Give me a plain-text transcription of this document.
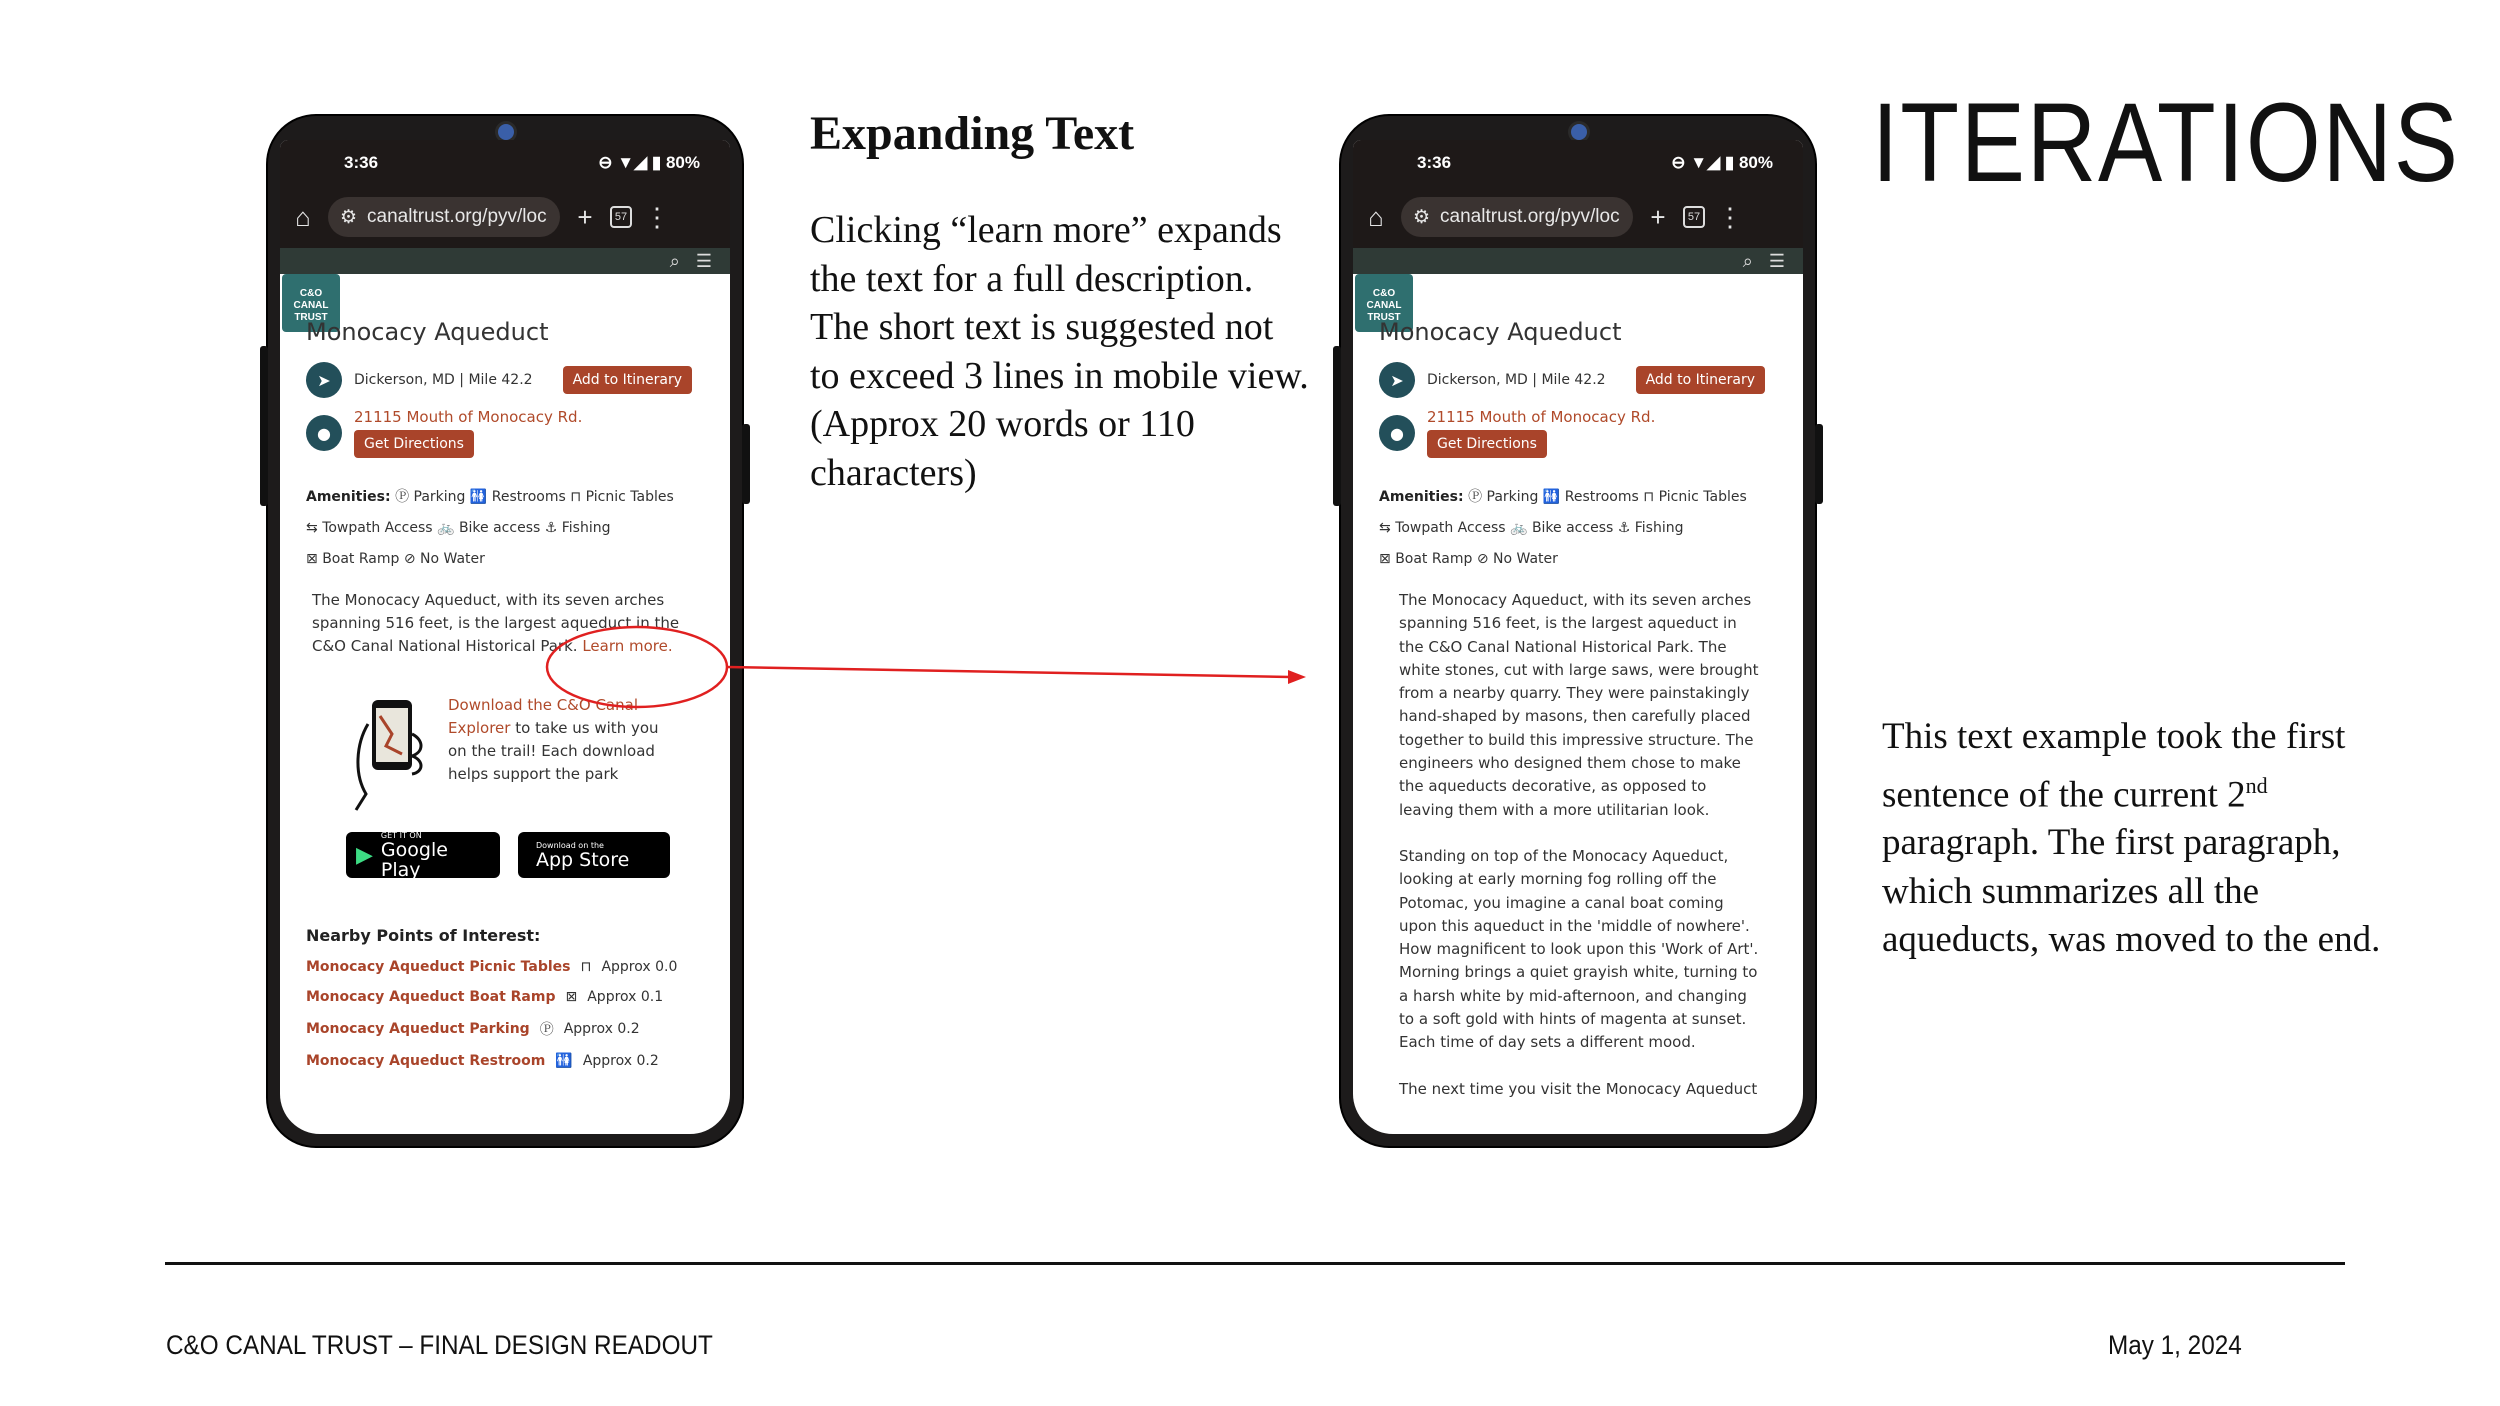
ITERATIONS
Expanding Text
Clicking “learn more” expands the text for a full description. The short text is suggested not to exceed 3 lines in mobile view. (Approx 20 words or 110 characters)
This text example took the first sentence of the current 2nd paragraph. The first paragraph, which summarizes all the aqueducts, was moved to the end.
C&O CANAL TRUST – FINAL DESIGN READOUT	May 1, 2024
3:36	⊖ ▼◢ ▮ 80%
⌂ ⚙ canaltrust.org/pyv/loc +	57 ⋮
⌕ ☰
C&O CANAL TRUST
Monocacy Aqueduct
➤	Dickerson, MD | Mile 42.2	Add to Itinerary
●
21115 Mouth of Monocacy Rd.
Get Directions
Amenities: Ⓟ Parking 🚻 Restrooms ⊓ Picnic Tables
⇆ Towpath Access 🚲 Bike access ⚓ Fishing
⊠ Boat Ramp ⊘ No Water
The Monocacy Aqueduct, with its seven arches spanning 516 feet, is the largest aqueduct in the C&O Canal National Historical Park. Learn more.
Download the C&O Canal Explorer to take us with you on the trail! Each download helps support the park
▶
GET IT ON
Google Play
Download on the
App Store
Nearby Points of Interest:
Monocacy Aqueduct Picnic Tables ⊓ Approx 0.0
Monocacy Aqueduct Boat Ramp ⊠ Approx 0.1
Monocacy Aqueduct Parking Ⓟ Approx 0.2
Monocacy Aqueduct Restroom 🚻 Approx 0.2
3:36	⊖ ▼◢ ▮ 80%
⌂ ⚙ canaltrust.org/pyv/loc +	57 ⋮
⌕ ☰
C&O CANAL TRUST
Monocacy Aqueduct
➤	Dickerson, MD | Mile 42.2	Add to Itinerary
●
21115 Mouth of Monocacy Rd.
Get Directions
Amenities: Ⓟ Parking 🚻 Restrooms ⊓ Picnic Tables
⇆ Towpath Access 🚲 Bike access ⚓ Fishing
⊠ Boat Ramp ⊘ No Water

The Monocacy Aqueduct, with its seven arches spanning 516 feet, is the largest aqueduct in the C&O Canal National Historical Park. The white stones, cut with large saws, were brought from a nearby quarry. They were painstakingly hand-shaped by masons, then carefully placed together to build this impressive structure. The engineers who designed them chose to make the aqueducts decorative, as opposed to leaving them with a more utilitarian look.

Standing on top of the Monocacy Aqueduct, looking at early morning fog rolling off the Potomac, you imagine a canal boat coming upon this aqueduct in the 'middle of nowhere'. How magnificent to look upon this 'Work of Art'. Morning brings a quiet grayish white, turning to a harsh white by mid-afternoon, and changing to a soft gold with hints of magenta at sunset. Each time of day sets a different mood.

The next time you visit the Monocacy Aqueduct
